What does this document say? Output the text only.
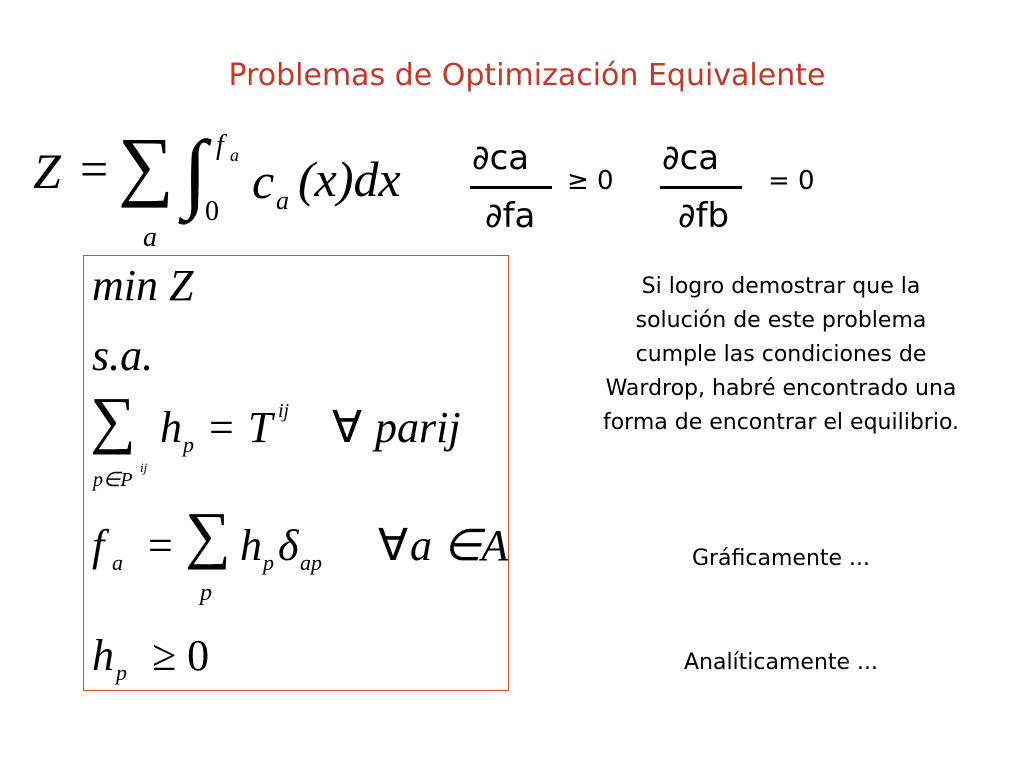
Problemas de Optimización Equivalente
Z = ∑
a
∫ f a
0
c a (x)dx ∂ca
∂fa
≥ 0
∂ca
∂fb
= 0
min Z
s.a.
∑
p∈P
ij
h p = T ij ∀ parij
f a = ∑
p
h p δ ap ∀ a ∈A
h p ≥ 0
Si logro demostrar que la solución de este problema cumple las condiciones de Wardrop, habré encontrado una forma de encontrar el equilibrio.
Gráficamente ...
Analíticamente ...
